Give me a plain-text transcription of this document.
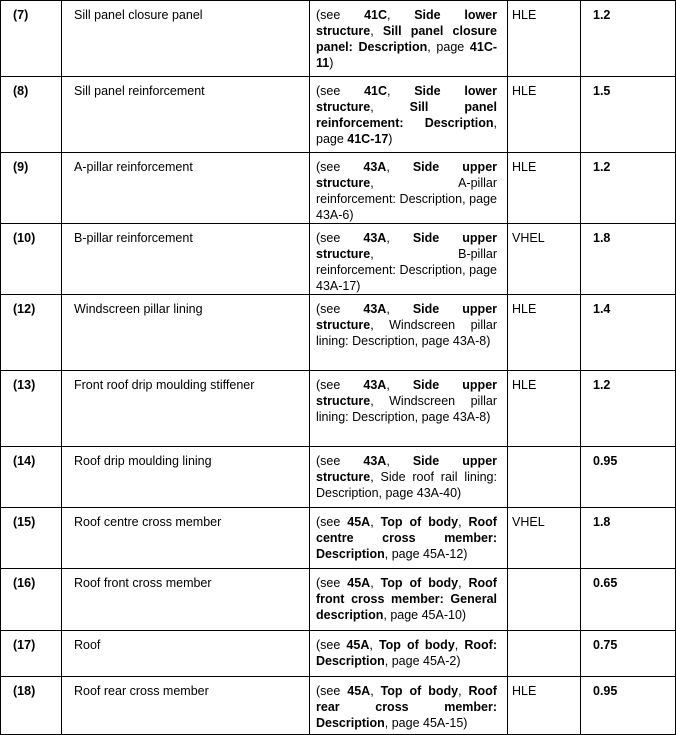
(7)	Sill panel closure panel	(see 41C, Side lower structure, Sill panel closure panel: Description, page 41C-11)	HLE	1.2
(8)	Sill panel reinforcement	(see 41C, Side lower structure, Sill panel reinforcement: Description, page 41C-17)	HLE	1.5
(9)	A-pillar reinforcement	(see 43A, Side upper structure, A-pillar reinforcement: Description, page 43A-6)	HLE	1.2
(10)	B-pillar reinforcement	(see 43A, Side upper structure, B-pillar reinforcement: Description, page 43A-17)	VHEL	1.8
(12)	Windscreen pillar lining	(see 43A, Side upper structure, Windscreen pillar lining: Description, page 43A-8)	HLE	1.4
(13)	Front roof drip moulding stiffener	(see 43A, Side upper structure, Windscreen pillar lining: Description, page 43A-8)	HLE	1.2
(14)	Roof drip moulding lining	(see 43A, Side upper structure, Side roof rail lining: Description, page 43A-40)		0.95
(15)	Roof centre cross member	(see 45A, Top of body, Roof centre cross member: Description, page 45A-12)	VHEL	1.8
(16)	Roof front cross member	(see 45A, Top of body, Roof front cross member: General description, page 45A-10)		0.65
(17)	Roof	(see 45A, Top of body, Roof: Description, page 45A-2)		0.75
(18)	Roof rear cross member	(see 45A, Top of body, Roof rear cross member: Description, page 45A-15)	HLE	0.95
